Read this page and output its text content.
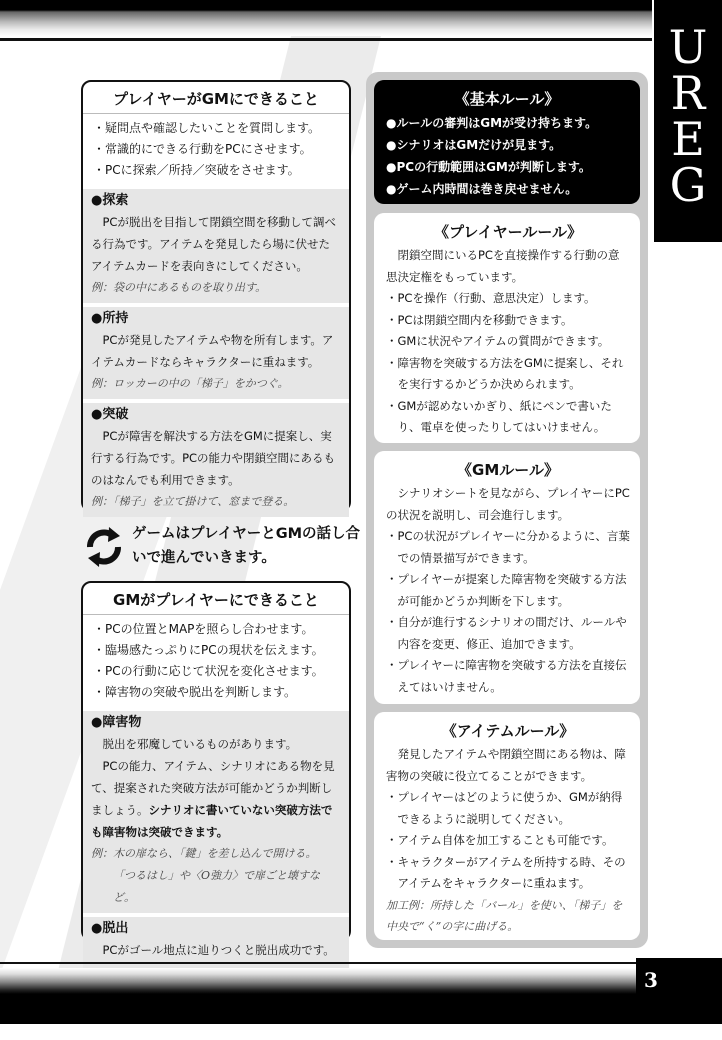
UREG
プレイヤーがGMにできること
・疑問点や確認したいことを質問します。
・常識的にできる行動をPCにさせます。
・PCに探索／所持／突破をさせます。
●探索
PCが脱出を目指して閉鎖空間を移動して調べる行為です。アイテムを発見したら場に伏せたアイテムカードを表向きにしてください。
例：袋の中にあるものを取り出す。
●所持
PCが発見したアイテムや物を所有します。アイテムカードならキャラクターに重ねます。
例：ロッカーの中の「梯子」をかつぐ。
●突破
PCが障害を解決する方法をGMに提案し、実行する行為です。PCの能力や閉鎖空間にあるものはなんでも利用できます。
例：「梯子」を立て掛けて、窓まで登る。
ゲームはプレイヤーとGMの話し合いで進んでいきます。
GMがプレイヤーにできること
・PCの位置とMAPを照らし合わせます。
・臨場感たっぷりにPCの現状を伝えます。
・PCの行動に応じて状況を変化させます。
・障害物の突破や脱出を判断します。
●障害物
脱出を邪魔しているものがあります。
PCの能力、アイテム、シナリオにある物を見て、提案された突破方法が可能かどうか判断しましょう。シナリオに書いていない突破方法でも障害物は突破できます。
例：木の扉なら、「鍵」を差し込んで開ける。
「つるはし」や〈O強力〉で扉ごと壊すなど。
●脱出
PCがゴール地点に辿りつくと脱出成功です。
《基本ルール》
●ルールの審判はGMが受け持ちます。
●シナリオはGMだけが見ます。
●PCの行動範囲はGMが判断します。
●ゲーム内時間は巻き戻せません。
《プレイヤールール》
閉鎖空間にいるPCを直接操作する行動の意思決定権をもっています。
・PCを操作（行動、意思決定）します。
・PCは閉鎖空間内を移動できます。
・GMに状況やアイテムの質問ができます。
・障害物を突破する方法をGMに提案し、それを実行するかどうか決められます。
・GMが認めないかぎり、紙にペンで書いたり、電卓を使ったりしてはいけません。
《GMルール》
シナリオシートを見ながら、プレイヤーにPCの状況を説明し、司会進行します。
・PCの状況がプレイヤーに分かるように、言葉での情景描写ができます。
・プレイヤーが提案した障害物を突破する方法が可能かどうか判断を下します。
・自分が進行するシナリオの間だけ、ルールや内容を変更、修正、追加できます。
・プレイヤーに障害物を突破する方法を直接伝えてはいけません。
《アイテムルール》
発見したアイテムや閉鎖空間にある物は、障害物の突破に役立てることができます。
・プレイヤーはどのように使うか、GMが納得できるように説明してください。
・アイテム自体を加工することも可能です。
・キャラクターがアイテムを所持する時、そのアイテムをキャラクターに重ねます。
加工例：所持した「バール」を使い、「梯子」を中央で“く”の字に曲げる。
3
